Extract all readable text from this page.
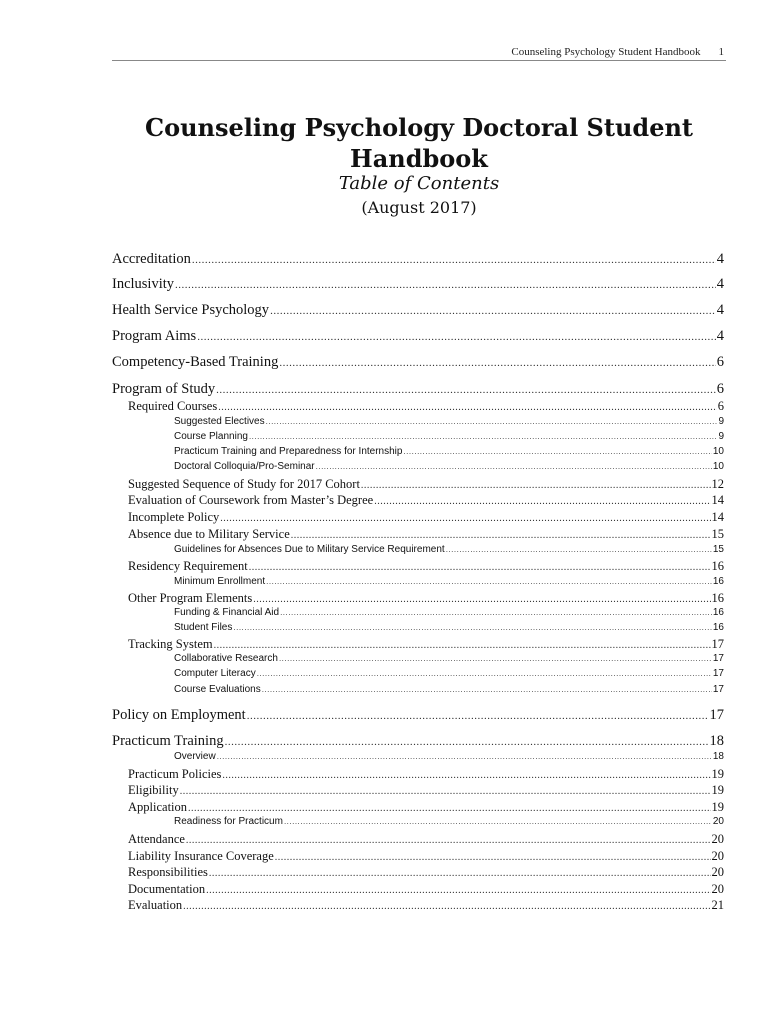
Counseling Psychology Student Handbook 1
Counseling Psychology Doctoral Student Handbook
Table of Contents
(August 2017)
Accreditation .....	4
Inclusivity .....	4
Health Service Psychology .....	4
Program Aims .....	4
Competency-Based Training .....	6
Program of Study .....	6
Required Courses .....	6
Suggested Electives .....	9
Course Planning .....	9
Practicum Training and Preparedness for Internship .....	10
Doctoral Colloquia/Pro-Seminar .....	10
Suggested Sequence of Study for 2017 Cohort .....	12
Evaluation of Coursework from Master’s Degree .....	14
Incomplete Policy .....	14
Absence due to Military Service .....	15
Guidelines for Absences Due to Military Service Requirement .....	15
Residency Requirement .....	16
Minimum Enrollment .....	16
Other Program Elements .....	16
Funding & Financial Aid .....	16
Student Files .....	16
Tracking System .....	17
Collaborative Research .....	17
Computer Literacy .....	17
Course Evaluations .....	17
Policy on Employment .....	17
Practicum Training .....	18
Overview .....	18
Practicum Policies .....	19
Eligibility .....	19
Application .....	19
Readiness for Practicum .....	20
Attendance .....	20
Liability Insurance Coverage .....	20
Responsibilities .....	20
Documentation .....	20
Evaluation .....	21
